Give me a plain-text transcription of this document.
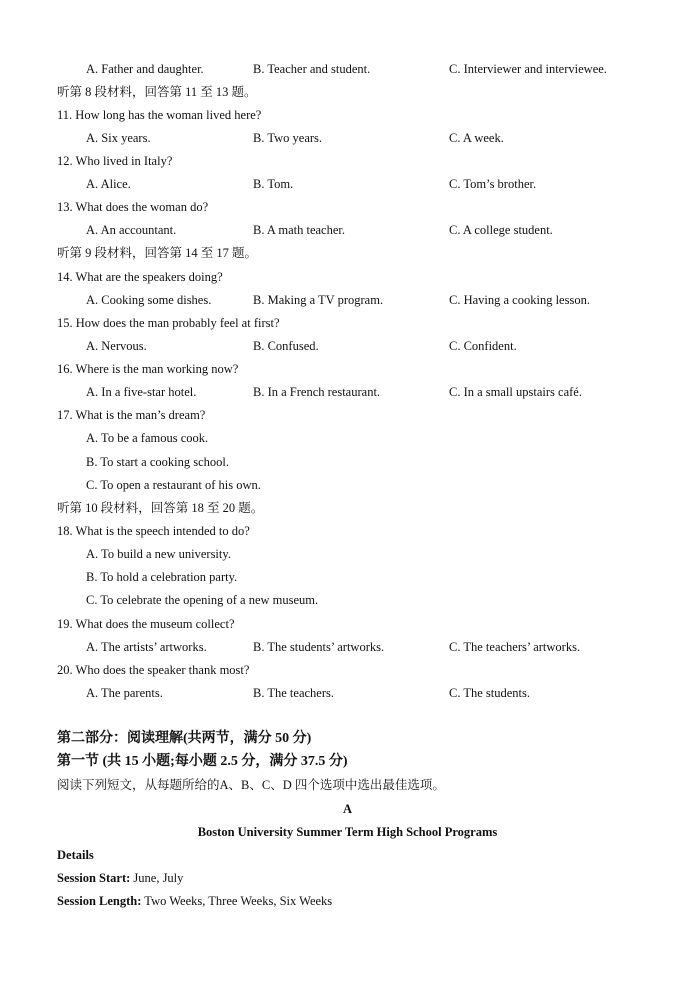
A. Father and daughter.	B. Teacher and student.	C. Interviewer and interviewee.
听第 8 段材料，回答第 11 至 13 题。
11. How long has the woman lived here?
A. Six years.	B. Two years.	C. A week.
12. Who lived in Italy?
A. Alice.	B. Tom.	C. Tom’s brother.
13. What does the woman do?
A. An accountant.	B. A math teacher.	C. A college student.
听第 9 段材料，回答第 14 至 17 题。
14. What are the speakers doing?
A. Cooking some dishes.	B. Making a TV program.	C. Having a cooking lesson.
15. How does the man probably feel at first?
A. Nervous.	B. Confused.	C. Confident.
16. Where is the man working now?
A. In a five-star hotel.	B. In a French restaurant.	C. In a small upstairs café.
17. What is the man’s dream?
A. To be a famous cook.
B. To start a cooking school.
C. To open a restaurant of his own.
听第 10 段材料，回答第 18 至 20 题。
18. What is the speech intended to do?
A. To build a new university.
B. To hold a celebration party.
C. To celebrate the opening of a new museum.
19. What does the museum collect?
A. The artists’ artworks.	B. The students’ artworks.	C. The teachers’ artworks.
20. Who does the speaker thank most?
A. The parents.	B. The teachers.	C. The students.
第二部分：阅读理解(共两节，满分 50 分)
第一节 (共 15 小题;每小题 2.5 分，满分 37.5 分)
阅读下列短文，从每题所给的A、B、C、D 四个选项中选出最佳选项。
A
Boston University Summer Term High School Programs
Details
Session Start: June, July
Session Length: Two Weeks, Three Weeks, Six Weeks
